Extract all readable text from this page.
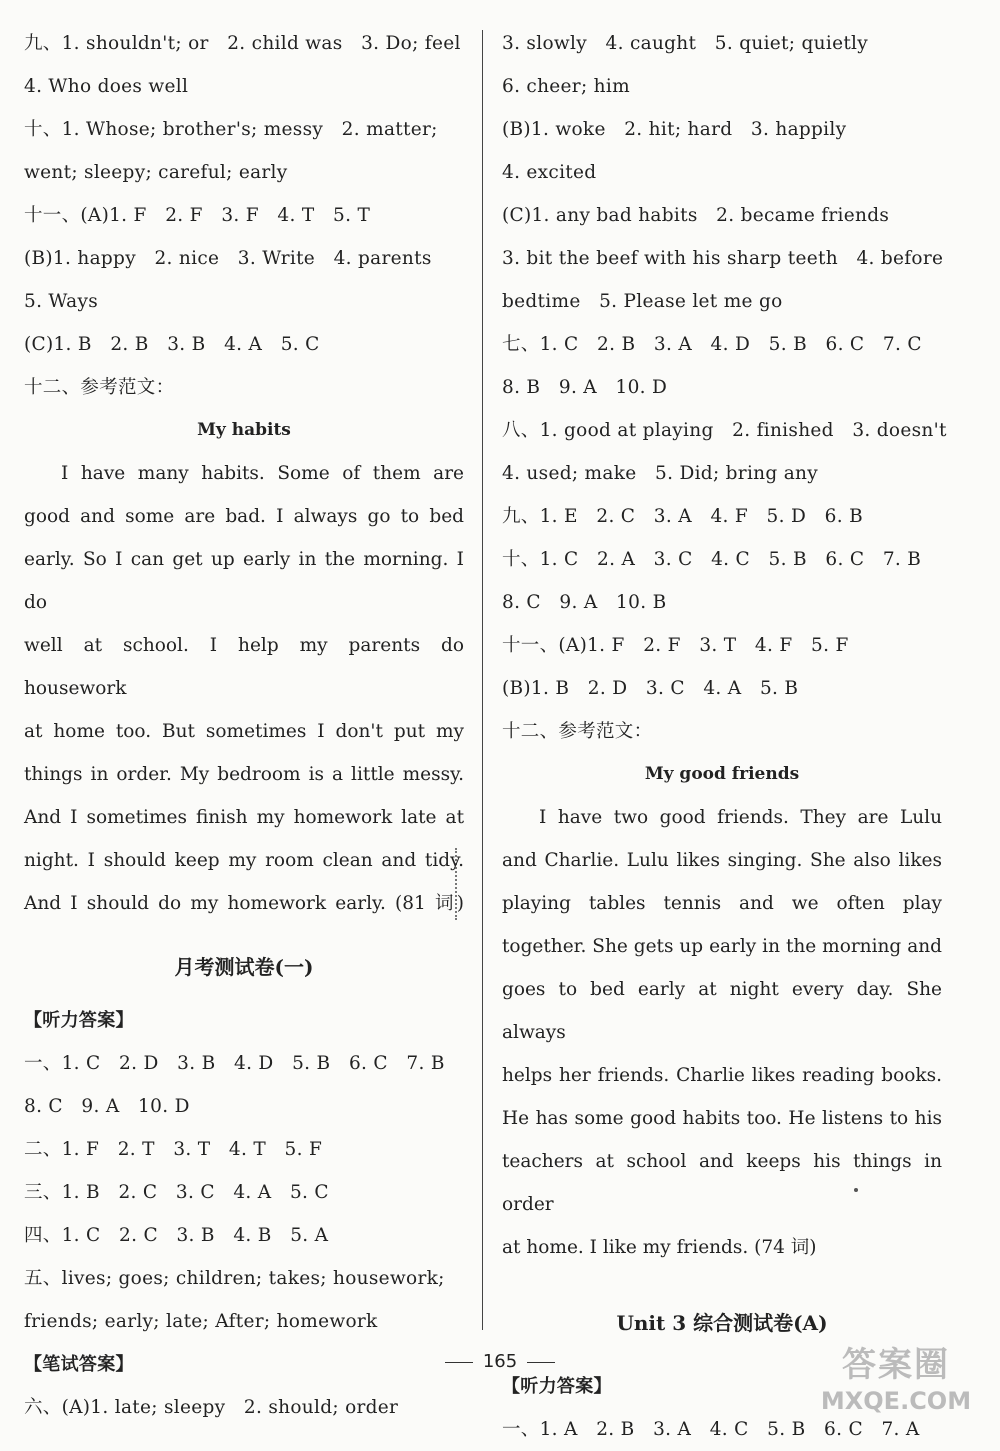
九、1. shouldn't; or   2. child was   3. Do; feel
4. Who does well
十、1. Whose; brother's; messy   2. matter;
went; sleepy; careful; early
十一、(A)1. F   2. F   3. F   4. T   5. T
(B)1. happy   2. nice   3. Write   4. parents
5. Ways
(C)1. B   2. B   3. B   4. A   5. C
十二、参考范文：
My habits
I have many habits. Some of them are
good and some are bad. I always go to bed
early. So I can get up early in the morning. I do
well at school. I help my parents do housework
at home too. But sometimes I don't put my
things in order. My bedroom is a little messy.
And I sometimes finish my homework late at
night. I should keep my room clean and tidy.
And I should do my homework early. (81 词)
月考测试卷(一)
【听力答案】
一、1. C   2. D   3. B   4. D   5. B   6. C   7. B
8. C   9. A   10. D
二、1. F   2. T   3. T   4. T   5. F
三、1. B   2. C   3. C   4. A   5. C
四、1. C   2. C   3. B   4. B   5. A
五、lives; goes; children; takes; housework;
friends; early; late; After; homework
【笔试答案】
六、(A)1. late; sleepy   2. should; order
3. slowly   4. caught   5. quiet; quietly
6. cheer; him
(B)1. woke   2. hit; hard   3. happily
4. excited
(C)1. any bad habits   2. became friends
3. bit the beef with his sharp teeth   4. before
bedtime   5. Please let me go
七、1. C   2. B   3. A   4. D   5. B   6. C   7. C
8. B   9. A   10. D
八、1. good at playing   2. finished   3. doesn't
4. used; make   5. Did; bring any
九、1. E   2. C   3. A   4. F   5. D   6. B
十、1. C   2. A   3. C   4. C   5. B   6. C   7. B
8. C   9. A   10. B
十一、(A)1. F   2. F   3. T   4. F   5. F
(B)1. B   2. D   3. C   4. A   5. B
十二、参考范文：
My good friends
I have two good friends. They are Lulu
and Charlie. Lulu likes singing. She also likes
playing tables tennis and we often play
together. She gets up early in the morning and
goes to bed early at night every day. She always
helps her friends. Charlie likes reading books.
He has some good habits too. He listens to his
teachers at school and keeps his things in order
at home. I like my friends. (74 词)
Unit 3 综合测试卷(A)
【听力答案】
一、1. A   2. B   3. A   4. C   5. B   6. C   7. A
165	答案圈
MXQE.COM
